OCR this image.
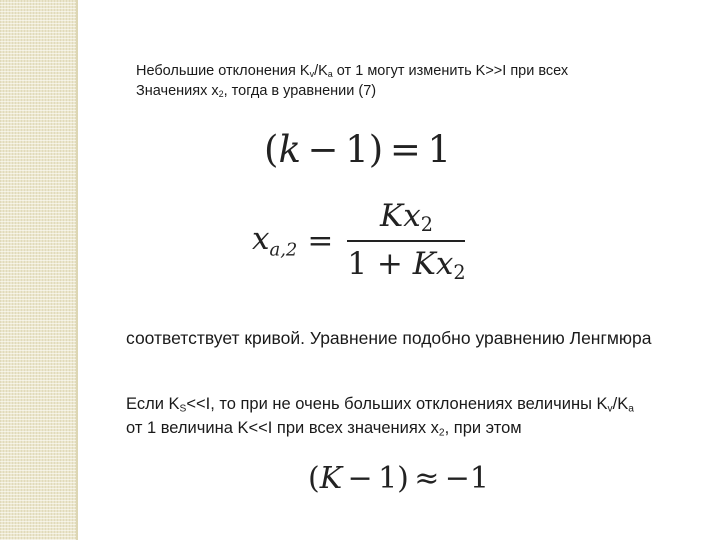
Небольшие отклонения $K_v/K_a$ от 1 могут изменить K>>I при всех
Значениях $x_2$, тогда в уравнении (7)
(k − 1) = 1
$x_{a,2} = \frac{Kx_2}{1 + Kx_2}$
соответствует кривой. Уравнение подобно уравнению Ленгмюра
Если $K_S<<I$, то при не очень больших отклонениях величины $K_v/K_a$
от 1 величина K<<I при всех значениях $x_2$, при этом
(K − 1) ≈ −1
